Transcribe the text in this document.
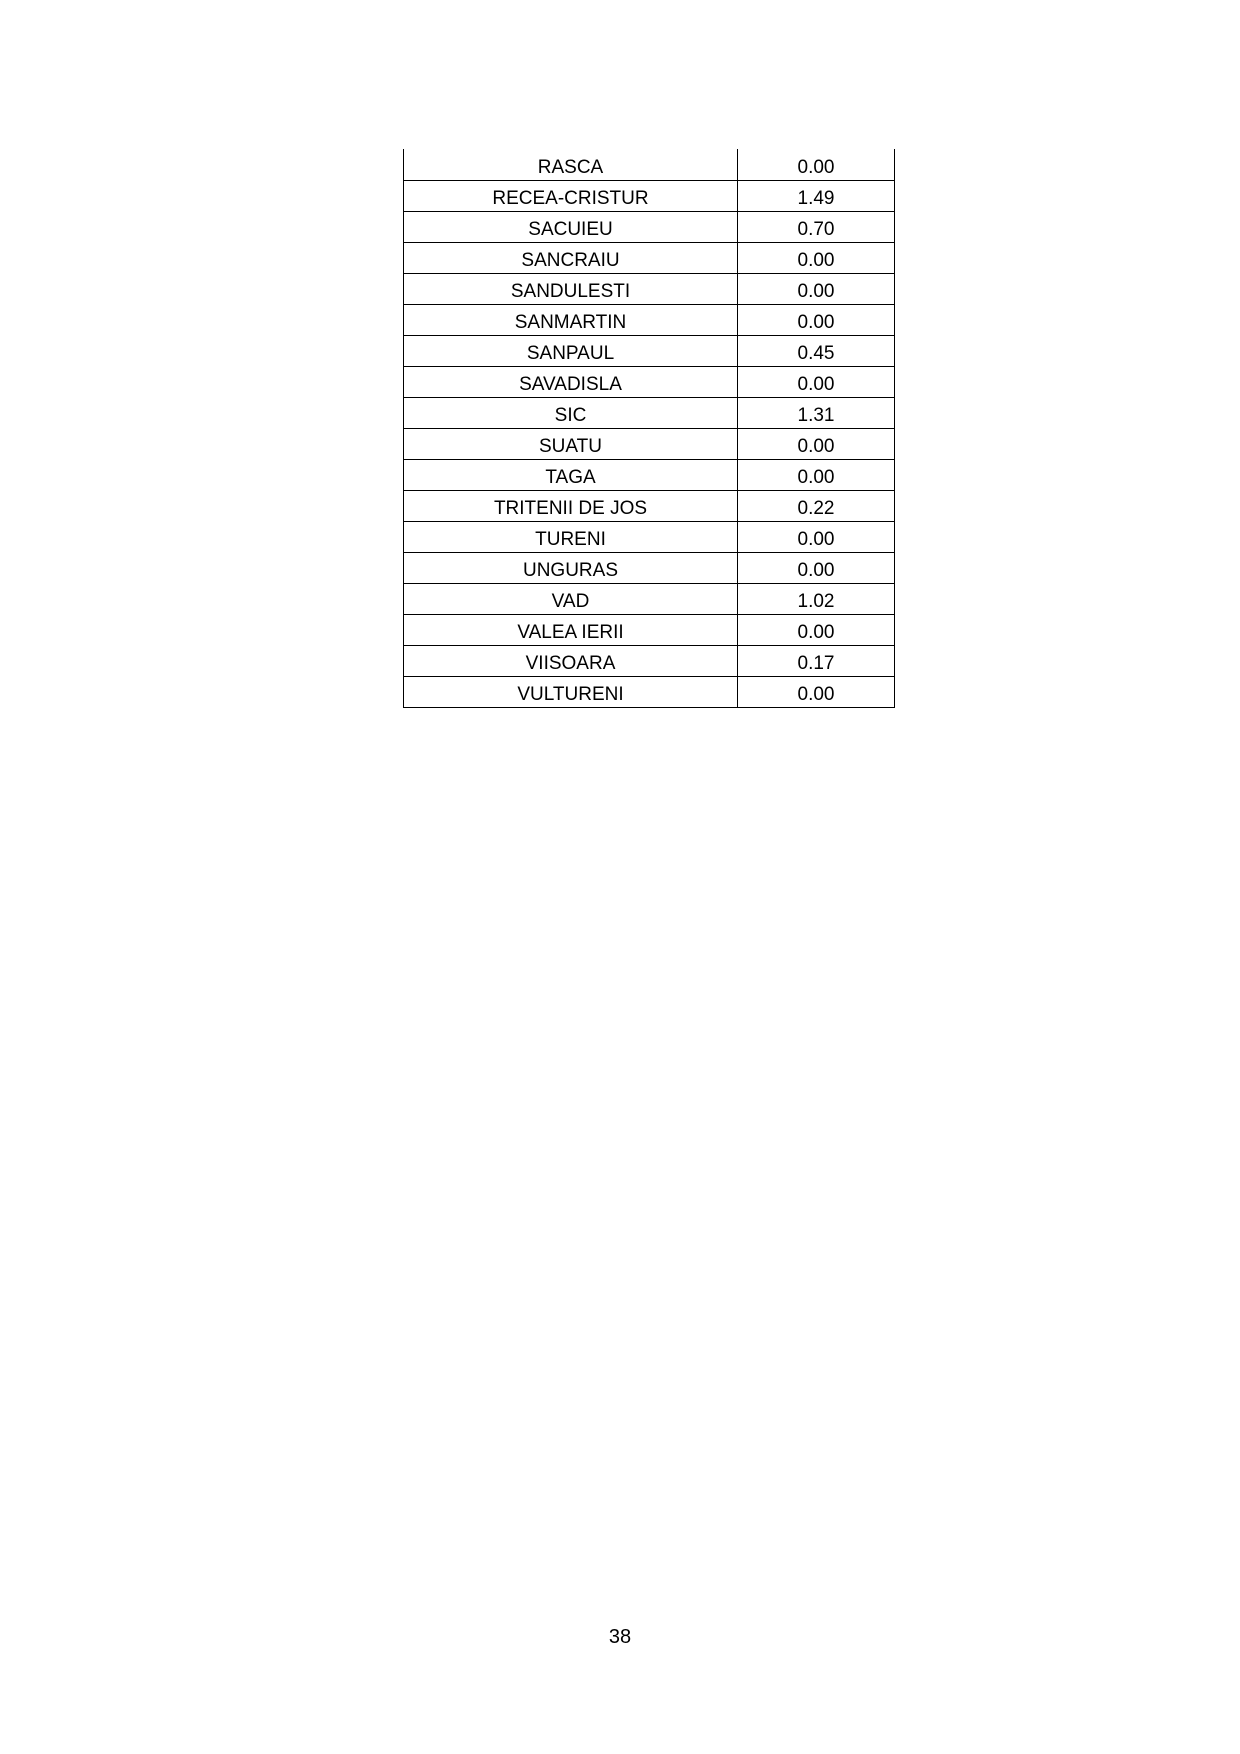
RASCA	0.00
RECEA-CRISTUR	1.49
SACUIEU	0.70
SANCRAIU	0.00
SANDULESTI	0.00
SANMARTIN	0.00
SANPAUL	0.45
SAVADISLA	0.00
SIC	1.31
SUATU	0.00
TAGA	0.00
TRITENII DE JOS	0.22
TURENI	0.00
UNGURAS	0.00
VAD	1.02
VALEA IERII	0.00
VIISOARA	0.17
VULTURENI	0.00
38
